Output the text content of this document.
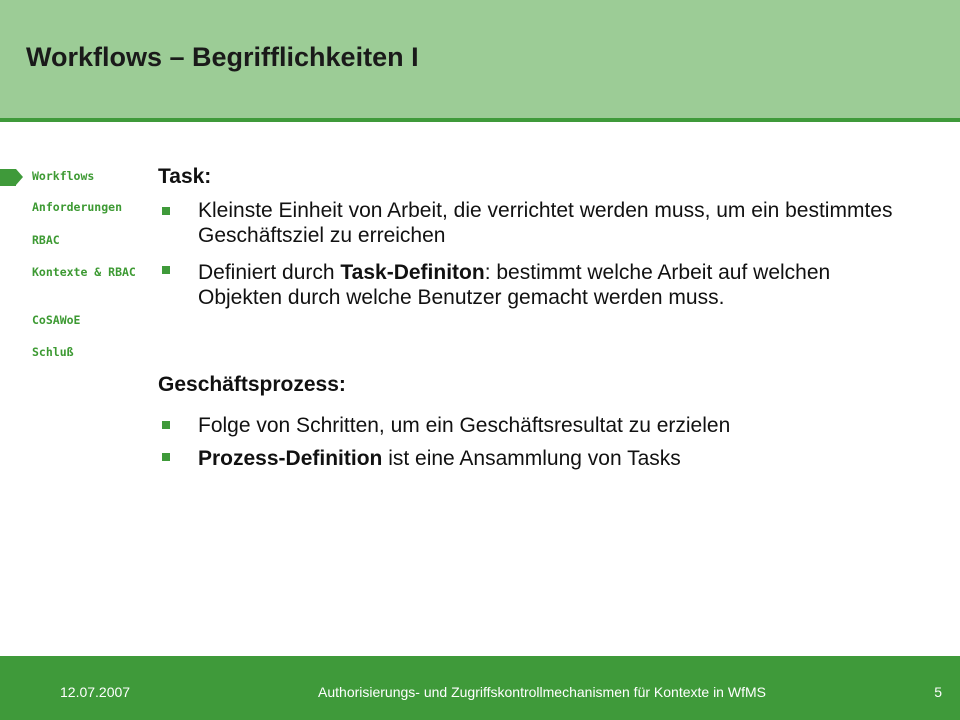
Workflows – Begrifflichkeiten I
Workflows
Anforderungen
RBAC
Kontexte & RBAC
CoSAWoE
Schluß
Task:
Kleinste Einheit von Arbeit, die verrichtet werden muss, um ein bestimmtes Geschäftsziel zu erreichen
Definiert durch Task-Definiton: bestimmt welche Arbeit auf welchen Objekten durch welche Benutzer gemacht werden muss.
Geschäftsprozess:
Folge von Schritten, um ein Geschäftsresultat zu erzielen
Prozess-Definition ist eine Ansammlung von Tasks
12.07.2007	Authorisierungs- und Zugriffskontrollmechanismen für Kontexte in WfMS	5
